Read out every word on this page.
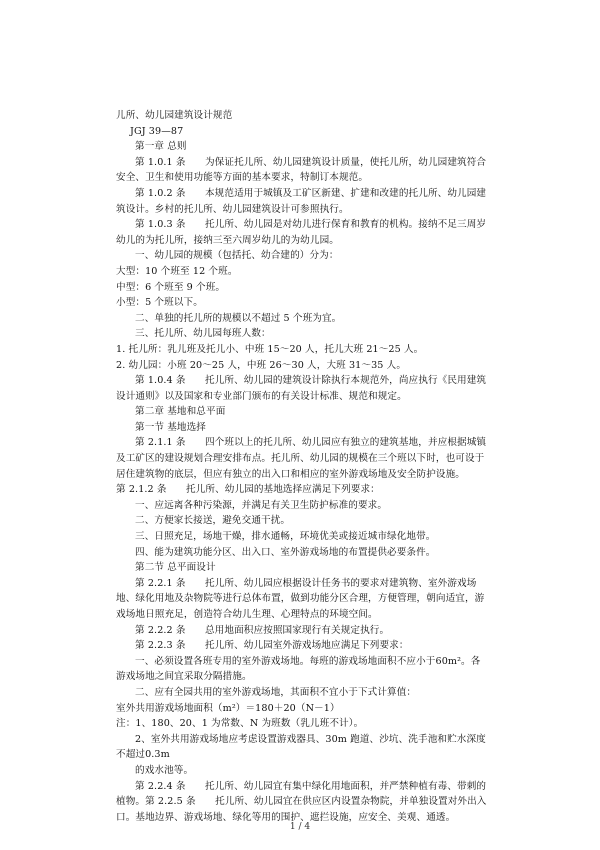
儿所、幼儿园建筑设计规范

JGJ 39—87

第一章 总则

第 1.0.1 条　　为保证托儿所、幼儿园建筑设计质量，使托儿所，幼儿园建筑符合安全、卫生和使用功能等方面的基本要求，特制订本规范。

第 1.0.2 条　　本规范适用于城镇及工矿区新建、扩建和改建的托儿所、幼儿园建筑设计。乡村的托儿所、幼儿园建筑设计可参照执行。

第 1.0.3 条　　托儿所、幼儿园是对幼儿进行保育和教育的机构。接纳不足三周岁幼儿的为托儿所，接纳三至六周岁幼儿的为幼儿园。

一、幼儿园的规模（包括托、幼合建的）分为：

大型：10 个班至 12 个班。

中型：6 个班至 9 个班。

小型：5 个班以下。

二、单独的托儿所的规模以不超过 5 个班为宜。

三、托儿所、幼儿园每班人数：

1. 托儿所：乳儿班及托儿小、中班 15～20 人，托儿大班 21～25 人。

2. 幼儿园：小班 20～25 人，中班 26～30 人，大班 31～35 人。

第 1.0.4 条　　托儿所、幼儿园的建筑设计除执行本规范外，尚应执行《民用建筑设计通则》以及国家和专业部门颁布的有关设计标准、规范和规定。

第二章 基地和总平面

第一节 基地选择

第 2.1.1 条　　四个班以上的托儿所、幼儿园应有独立的建筑基地，并应根据城镇及工矿区的建设规划合理安排布点。托儿所、幼儿园的规模在三个班以下时，也可设于居住建筑物的底层，但应有独立的出入口和相应的室外游戏场地及安全防护设施。　　第 2.1.2 条　　托儿所、幼儿园的基地选择应满足下列要求：

一、应远离各种污染源，并满足有关卫生防护标准的要求。

二、方便家长接送，避免交通干扰。

三、日照充足，场地干燥，排水通畅，环境优美或接近城市绿化地带。

四、能为建筑功能分区、出入口、室外游戏场地的布置提供必要条件。

第二节 总平面设计

第 2.2.1 条　　托儿所、幼儿园应根据设计任务书的要求对建筑物、室外游戏场地、绿化用地及杂物院等进行总体布置，做到功能分区合理，方便管理，朝向适宜，游戏场地日照充足，创造符合幼儿生理、心理特点的环境空间。

第 2.2.2 条　　总用地面积应按照国家现行有关规定执行。

第 2.2.3 条　　托儿所、幼儿园室外游戏场地应满足下列要求：

一、必须设置各班专用的室外游戏场地。每班的游戏场地面积不应小于60m²。各游戏场地之间宜采取分隔措施。

二、应有全园共用的室外游戏场地，其面积不宜小于下式计算值：

室外共用游戏场地面积（m²）＝180＋20（N－1）

注：1、180、20、1 为常数、N 为班数（乳儿班不计）。

2、室外共用游戏场地应考虑设置游戏器具、30m 跑道、沙坑、洗手池和贮水深度不超过0.3m

的戏水池等。

第 2.2.4 条　　托儿所、幼儿园宜有集中绿化用地面积，并严禁种植有毒、带刺的植物。第 2.2.5 条　　托儿所、幼儿园宜在供应区内设置杂物院，并单独设置对外出入口。基地边界、游戏场地、绿化等用的围护、遮拦设施，应安全、美观、通透。

1 / 4
